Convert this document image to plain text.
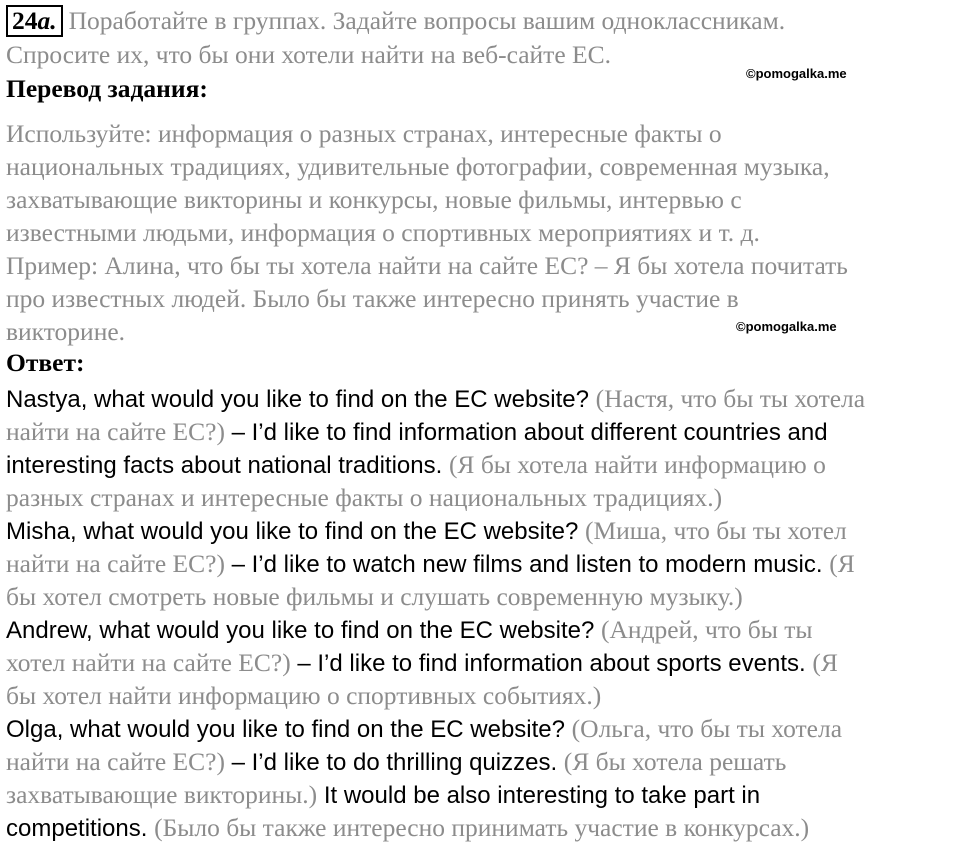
24a. Поработайте в группах. Задайте вопросы вашим одноклассникам.
Спросите их, что бы они хотели найти на веб-сайте ЕС.
©pomogalka.me
Перевод задания:
Используйте: информация о разных странах, интересные факты о
национальных традициях, удивительные фотографии, современная музыка,
захватывающие викторины и конкурсы, новые фильмы, интервью с
известными людьми, информация о спортивных мероприятиях и т. д.
Пример: Алина, что бы ты хотела найти на сайте ЕС? – Я бы хотела почитать
про известных людей. Было бы также интересно принять участие в
викторине.	©pomogalka.me
Ответ:
Nastya, what would you like to find on the EC website? (Настя, что бы ты хотела
найти на сайте ЕС?) – I’d like to find information about different countries and
interesting facts about national traditions. (Я бы хотела найти информацию о
разных странах и интересные факты о национальных традициях.)
Misha, what would you like to find on the EC website? (Миша, что бы ты хотел
найти на сайте ЕС?) – I’d like to watch new films and listen to modern music. (Я
бы хотел смотреть новые фильмы и слушать современную музыку.)
Andrew, what would you like to find on the EC website? (Андрей, что бы ты
хотел найти на сайте ЕС?) – I’d like to find information about sports events. (Я
бы хотел найти информацию о спортивных событиях.)
Olga, what would you like to find on the EC website? (Ольга, что бы ты хотела
найти на сайте ЕС?) – I’d like to do thrilling quizzes. (Я бы хотела решать
захватывающие викторины.) It would be also interesting to take part in
competitions. (Было бы также интересно принимать участие в конкурсах.)
